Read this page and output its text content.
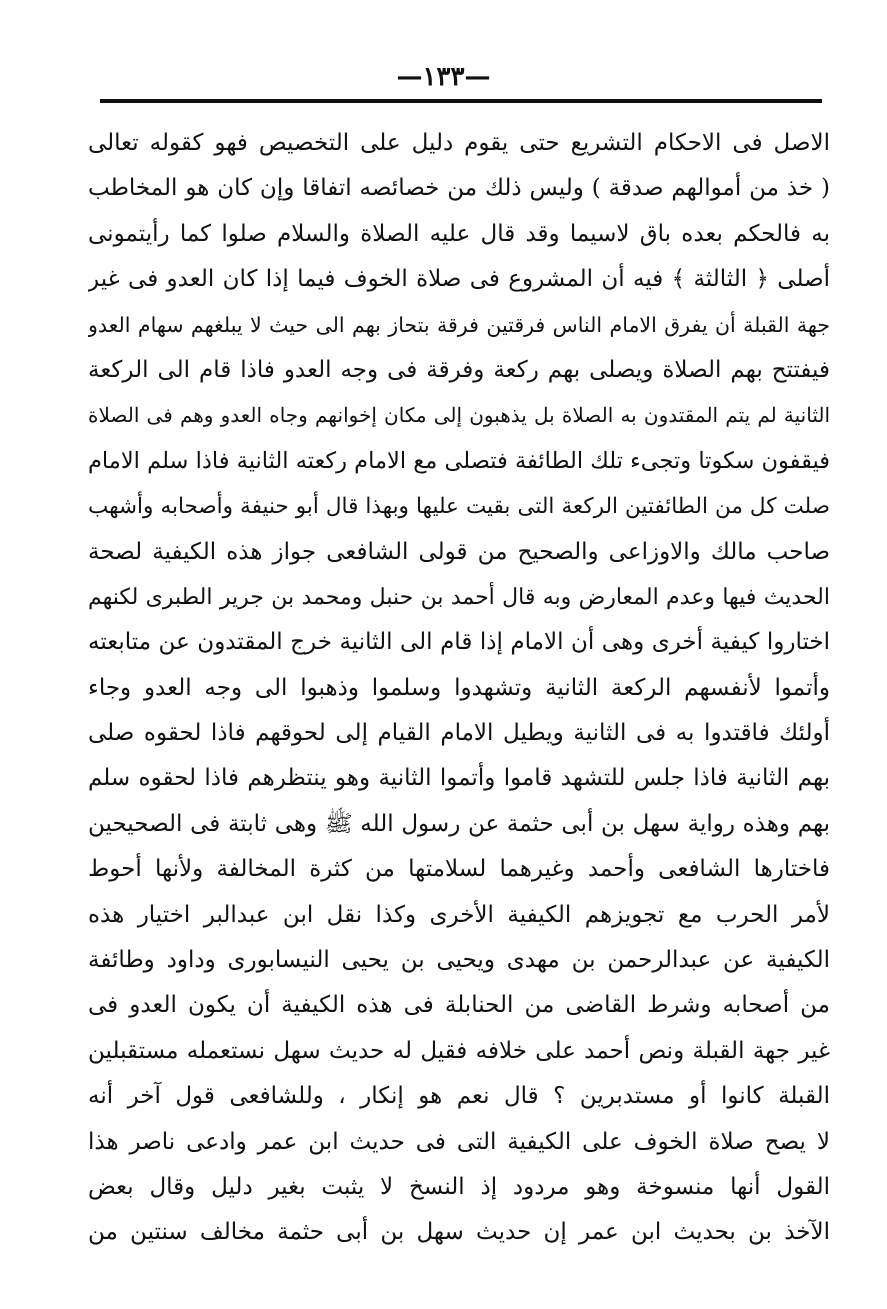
—١٣٣—
الاصل فى الاحكام التشريع حتى يقوم دليل على التخصيص فهو كقوله تعالى
( خذ من أموالهم صدقة ) وليس ذلك من خصائصه اتفاقا وإن كان هو المخاطب
به فالحكم بعده باق لاسيما وقد قال عليه الصلاة والسلام صلوا كما رأيتمونى
أصلى ﴿ الثالثة ﴾ فيه أن المشروع فى صلاة الخوف فيما إذا كان العدو فى غير
جهة القبلة أن يفرق الامام الناس فرقتين فرقة بتحاز بهم الى حيث لا يبلغهم سهام العدو
فيفتتح بهم الصلاة ويصلى بهم ركعة وفرقة فى وجه العدو فاذا قام الى الركعة
الثانية لم يتم المقتدون به الصلاة بل يذهبون إلى مكان إخوانهم وجاه العدو وهم فى الصلاة
فيقفون سكوتا وتجىء تلك الطائفة فتصلى مع الامام ركعته الثانية فاذا سلم الامام
صلت كل من الطائفتين الركعة التى بقيت عليها وبهذا قال أبو حنيفة وأصحابه وأشهب
صاحب مالك والاوزاعى والصحيح من قولى الشافعى جواز هذه الكيفية لصحة
الحديث فيها وعدم المعارض وبه قال أحمد بن حنبل ومحمد بن جرير الطبرى لكنهم
اختاروا كيفية أخرى وهى أن الامام إذا قام الى الثانية خرج المقتدون عن متابعته
وأتموا لأنفسهم الركعة الثانية وتشهدوا وسلموا وذهبوا الى وجه العدو وجاء
أولئك فاقتدوا به فى الثانية ويطيل الامام القيام إلى لحوقهم فاذا لحقوه صلى
بهم الثانية فاذا جلس للتشهد قاموا وأتموا الثانية وهو ينتظرهم فاذا لحقوه سلم
بهم وهذه رواية سهل بن أبى حثمة عن رسول الله ﷺ وهى ثابتة فى الصحيحين
فاختارها الشافعى وأحمد وغيرهما لسلامتها من كثرة المخالفة ولأنها أحوط
لأمر الحرب مع تجويزهم الكيفية الأخرى وكذا نقل ابن عبدالبر اختيار هذه
الكيفية عن عبدالرحمن بن مهدى ويحيى بن يحيى النيسابورى وداود وطائفة
من أصحابه وشرط القاضى من الحنابلة فى هذه الكيفية أن يكون العدو فى
غير جهة القبلة ونص أحمد على خلافه فقيل له حديث سهل نستعمله مستقبلين
القبلة كانوا أو مستدبرين ؟ قال نعم هو إنكار ، وللشافعى قول آخر أنه
لا يصح صلاة الخوف على الكيفية التى فى حديث ابن عمر وادعى ناصر هذا
القول أنها منسوخة وهو مردود إذ النسخ لا يثبت بغير دليل وقال بعض
الآخذ بن بحديث ابن عمر إن حديث سهل بن أبى حثمة مخالف سنتين من
